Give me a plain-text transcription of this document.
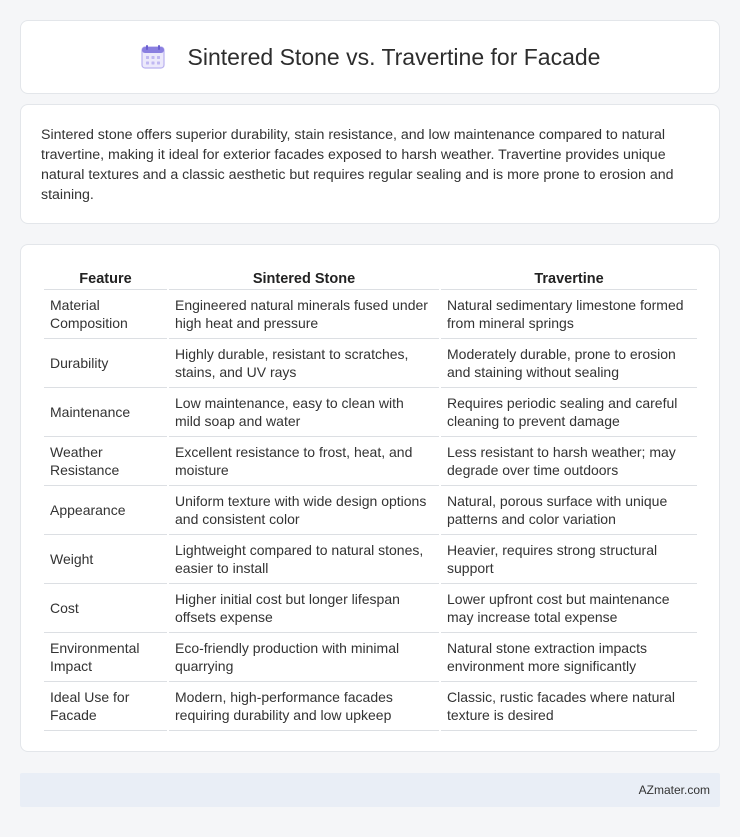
Sintered Stone vs. Travertine for Facade

Sintered stone offers superior durability, stain resistance, and low maintenance compared to natural travertine, making it ideal for exterior facades exposed to harsh weather. Travertine provides unique natural textures and a classic aesthetic but requires regular sealing and is more prone to erosion and staining.

Feature	Sintered Stone	Travertine
Material Composition	Engineered natural minerals fused under high heat and pressure	Natural sedimentary limestone formed from mineral springs
Durability	Highly durable, resistant to scratches, stains, and UV rays	Moderately durable, prone to erosion and staining without sealing
Maintenance	Low maintenance, easy to clean with mild soap and water	Requires periodic sealing and careful cleaning to prevent damage
Weather Resistance	Excellent resistance to frost, heat, and moisture	Less resistant to harsh weather; may degrade over time outdoors
Appearance	Uniform texture with wide design options and consistent color	Natural, porous surface with unique patterns and color variation
Weight	Lightweight compared to natural stones, easier to install	Heavier, requires strong structural support
Cost	Higher initial cost but longer lifespan offsets expense	Lower upfront cost but maintenance may increase total expense
Environmental Impact	Eco-friendly production with minimal quarrying	Natural stone extraction impacts environment more significantly
Ideal Use for Facade	Modern, high-performance facades requiring durability and low upkeep	Classic, rustic facades where natural texture is desired
AZmater.com
